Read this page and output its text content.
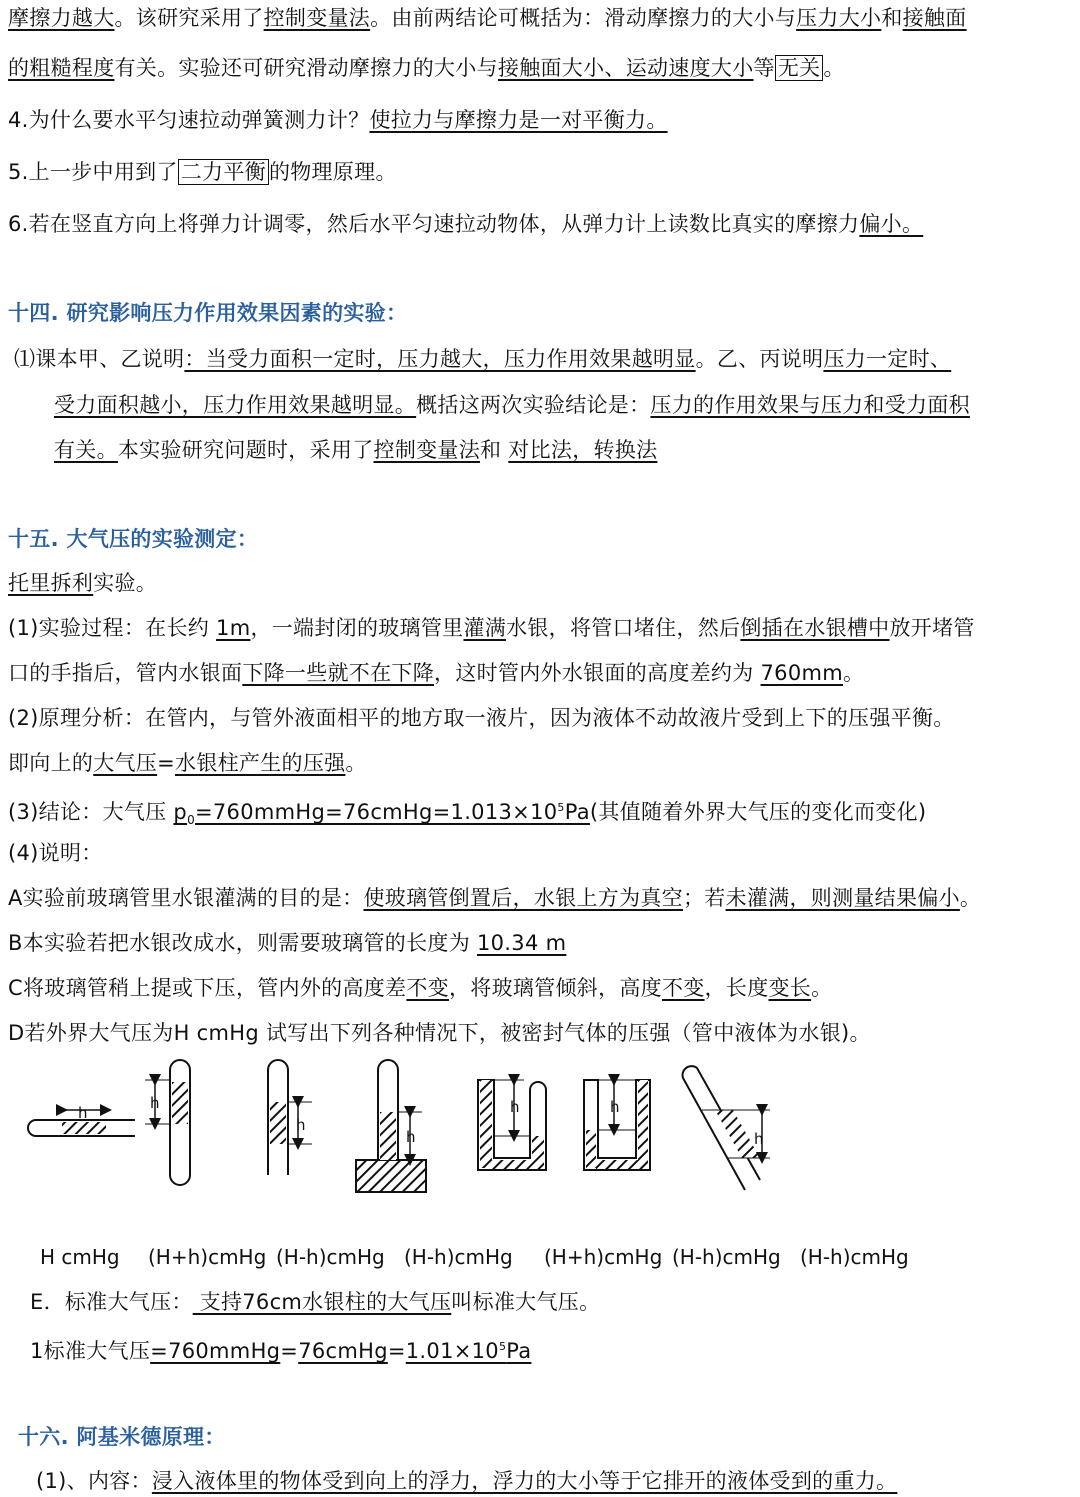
摩擦力越大。该研究采用了控制变量法。由前两结论可概括为：滑动摩擦力的大小与压力大小和接触面
的粗糙程度有关。实验还可研究滑动摩擦力的大小与接触面大小、运动速度大小等 无关 。
4.为什么要水平匀速拉动弹簧测力计？使拉力与摩擦力是一对平衡力。
5.上一步中用到了 二力平衡 的物理原理。
6.若在竖直方向上将弹力计调零，然后水平匀速拉动物体，从弹力计上读数比真实的摩擦力偏小。
十四. 研究影响压力作用效果因素的实验：
⑴课本甲、乙说明：当受力面积一定时，压力越大，压力作用效果越明显。乙、丙说明压力一定时、
受力面积越小，压力作用效果越明显。概括这两次实验结论是：压力的作用效果与压力和受力面积
有关。本实验研究问题时，采用了控制变量法和 对比法，转换法
十五. 大气压的实验测定：
托里拆利实验。
(1)实验过程：在长约 1m，一端封闭的玻璃管里灌满水银，将管口堵住，然后倒插在水银槽中放开堵管
口的手指后，管内水银面下降一些就不在下降，这时管内外水银面的高度差约为 760mm。
(2)原理分析：在管内，与管外液面相平的地方取一液片，因为液体不动故液片受到上下的压强平衡。
即向上的大气压=水银柱产生的压强。
(3)结论：大气压 $p_0=760mmHg=76cmHg=1.013\times 10^5Pa$(其值随着外界大气压的变化而变化)
(4)说明：
A实验前玻璃管里水银灌满的目的是：使玻璃管倒置后，水银上方为真空；若未灌满，则测量结果偏小。
B本实验若把水银改成水，则需要玻璃管的长度为 10.34 m
C将玻璃管稍上提或下压，管内外的高度差不变，将玻璃管倾斜，高度不变，长度变长。
D若外界大气压为H cmHg 试写出下列各种情况下，被密封气体的压强（管中液体为水银)。
h
h
h
h
h	h
h
H cmHg (H+h)cmHg (H-h)cmHg (H-h)cmHg (H+h)cmHg (H-h)cmHg (H-h)cmHg
E．标准大气压： 支持76cm水银柱的大气压叫标准大气压。
1标准大气压$=760mmHg=76cmHg=1.01\times 10^5Pa$
十六. 阿基米德原理：
(1)、内容：浸入液体里的物体受到向上的浮力，浮力的大小等于它排开的液体受到的重力。
